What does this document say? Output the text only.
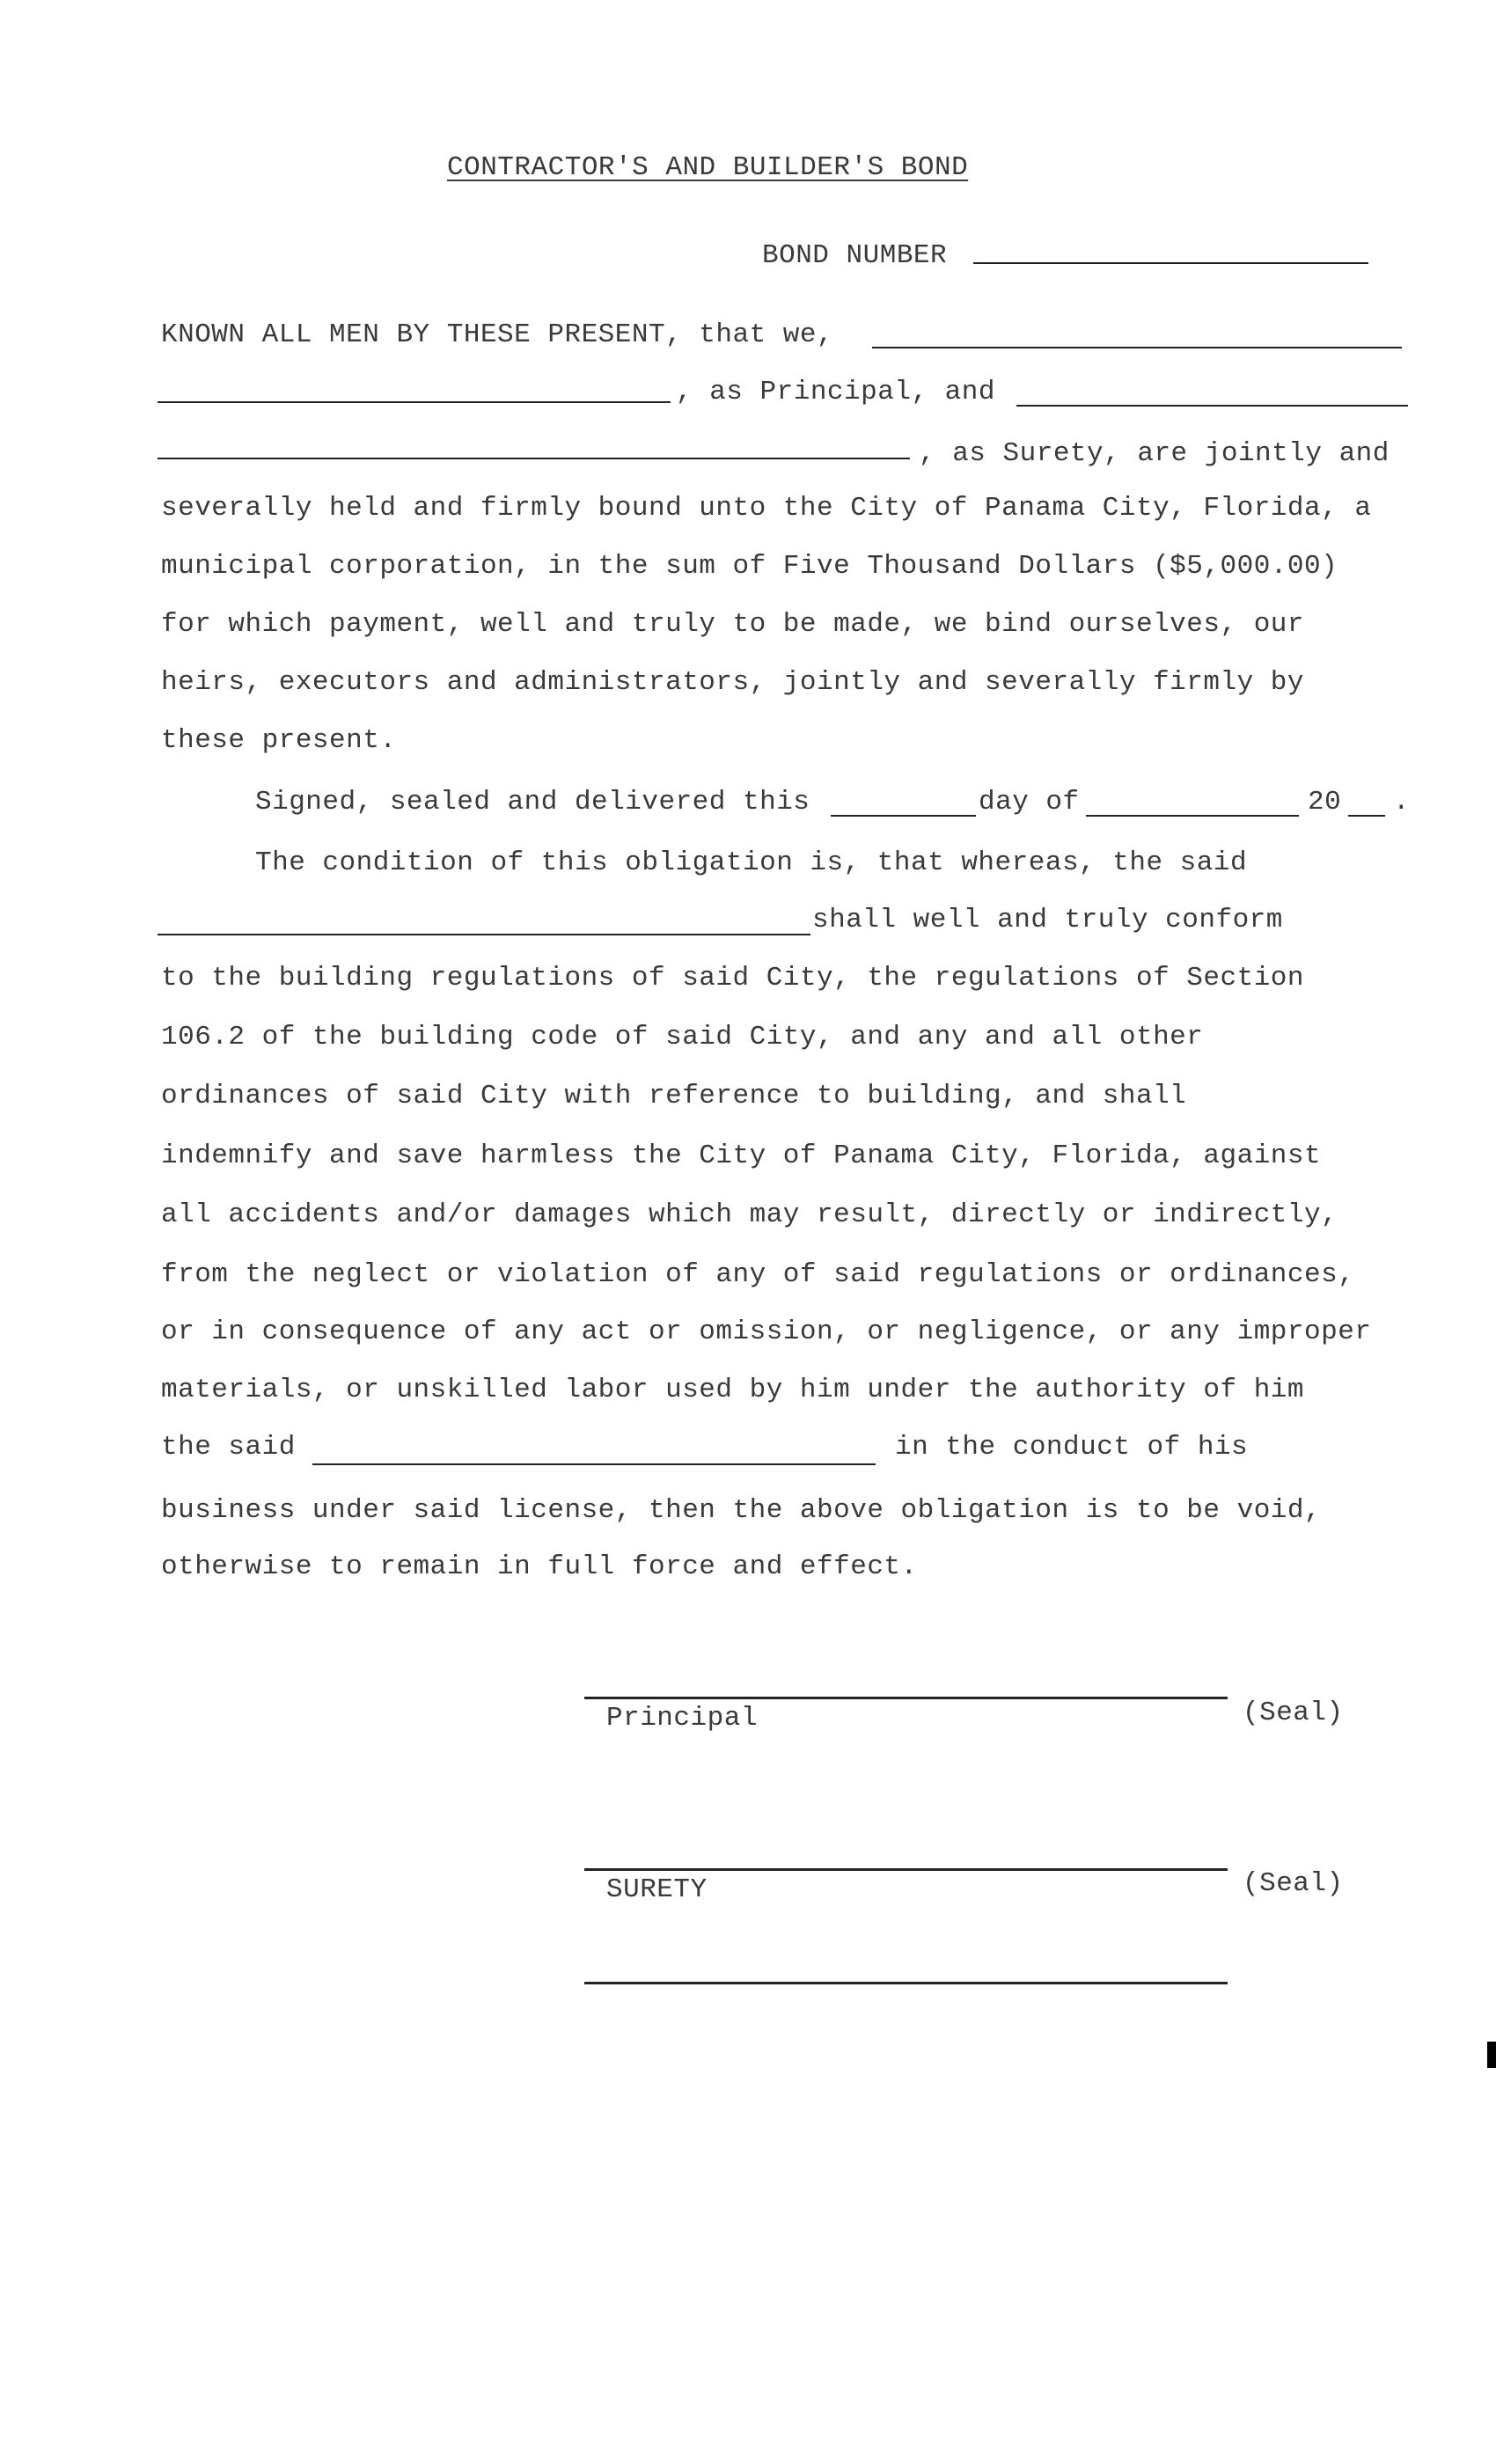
CONTRACTOR'S AND BUILDER'S BOND
BOND NUMBER
KNOWN ALL MEN BY THESE PRESENT, that we,
, as Principal, and
, as Surety, are jointly and
severally held and firmly bound unto the City of Panama City, Florida, a
municipal corporation, in the sum of Five Thousand Dollars ($5,000.00)
for which payment, well and truly to be made, we bind ourselves, our
heirs, executors and administrators, jointly and severally firmly by
these present.
Signed, sealed and delivered this	day of	20 .
The condition of this obligation is, that whereas, the said
shall well and truly conform
to the building regulations of said City, the regulations of Section
106.2 of the building code of said City, and any and all other
ordinances of said City with reference to building, and shall
indemnify and save harmless the City of Panama City, Florida, against
all accidents and/or damages which may result, directly or indirectly,
from the neglect or violation of any of said regulations or ordinances,
or in consequence of any act or omission, or negligence, or any improper
materials, or unskilled labor used by him under the authority of him
the said	in the conduct of his
business under said license, then the above obligation is to be void,
otherwise to remain in full force and effect.
Principal	(Seal)
SURETY	(Seal)
